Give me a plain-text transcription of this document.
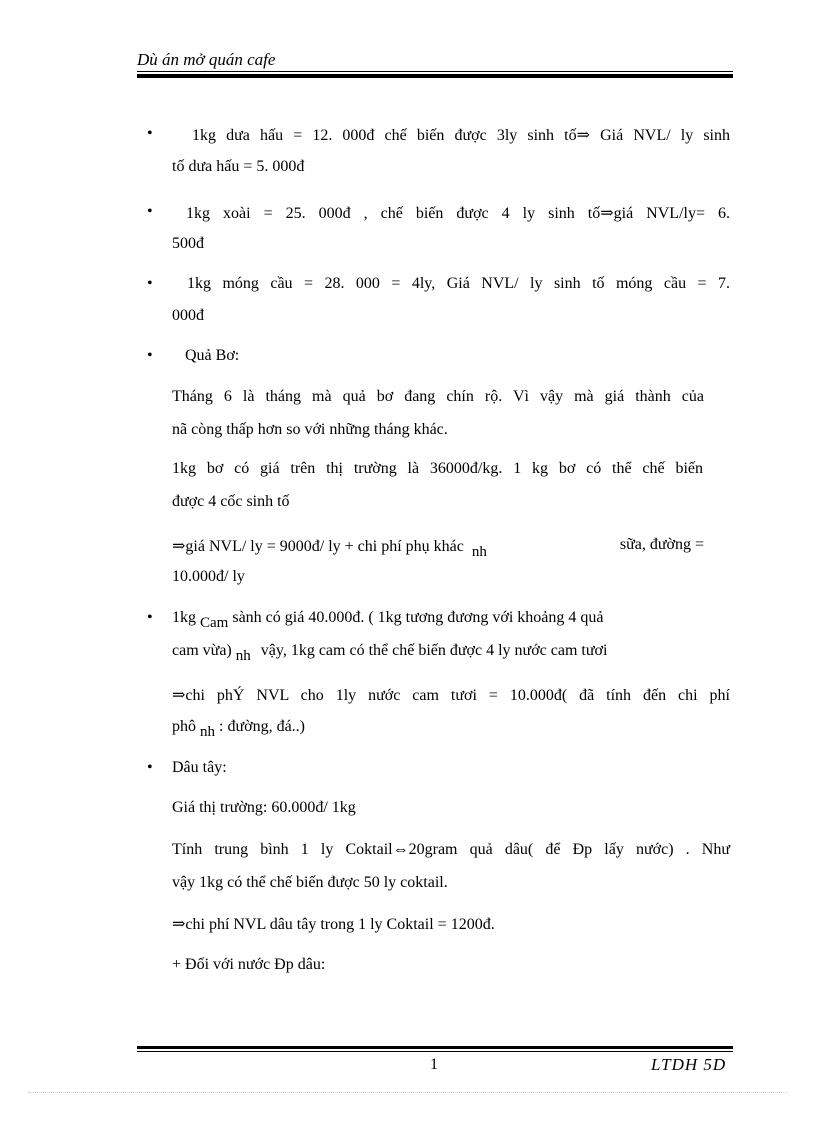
Dù án mở quán cafe
• 1kg dưa hấu = 12. 000đ chế biến được 3ly sinh tố⇒ Giá NVL/ ly sinh
tố dưa hấu = 5. 000đ
• 1kg xoài = 25. 000đ , chế biến được 4 ly sinh tố⇒giá NVL/ly= 6.
500đ
• 1kg móng cầu = 28. 000 = 4ly, Giá NVL/ ly sinh tố móng cầu = 7.
000đ
• Quả Bơ:
Tháng 6 là tháng mà quả bơ đang chín rộ. Vì vậy mà giá thành của
nã còng thấp hơn so với những tháng khác.
1kg bơ có giá trên thị trường là 36000đ/kg. 1 kg bơ có thể chế biến
được 4 cốc sinh tố
⇒giá NVL/ ly = 9000đ/ ly + chi phí phụ khác nh	sữa, đường =
10.000đ/ ly
• 1kg Cam sành có giá 40.000đ. ( 1kg tương đương với khoảng 4 quả
cam vừa) nh vậy, 1kg cam có thể chế biến được 4 ly nước cam tươi
⇒chi phÝ NVL cho 1ly nước cam tươi = 10.000đ( đã tính đến chi phí
phô nh : đường, đá..)
• Dâu tây:
Giá thị trường: 60.000đ/ 1kg
Tính trung bình 1 ly Coktail⇔20gram quả dâu( để Đp lấy nước) . Như
vậy 1kg có thể chế biến được 50 ly coktail.
⇒chi phí NVL dâu tây trong 1 ly Coktail = 1200đ.
+ Đối với nước Đp dâu:
1	LTDH 5D
